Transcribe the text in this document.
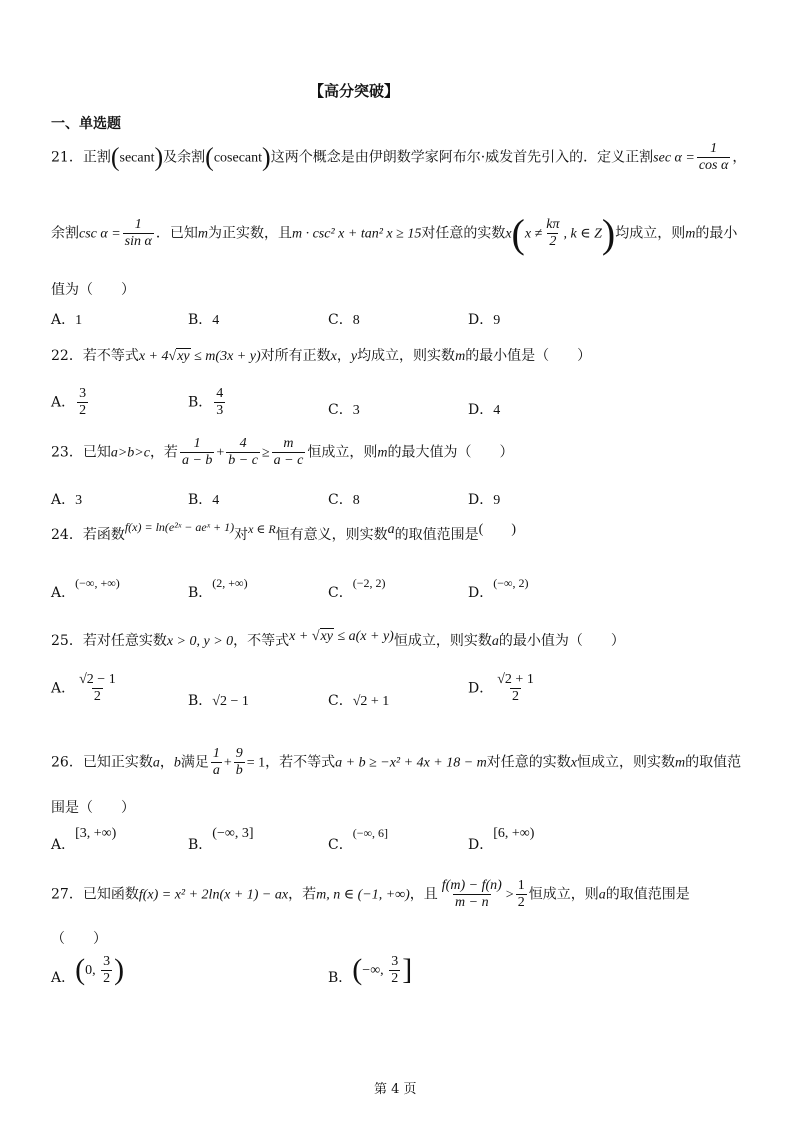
【高分突破】
一、单选题
21．正割(secant)及余割(cosecant)这两个概念是由伊朗数学家阿布尔·威发首先引入的．定义正割$\sec \alpha = \frac{1}{\text{cos α}}$ ，
余割$\csc \alpha = \frac{1}{\text{sin α}}$ ．已知m为正实数，且m · csc² x + tan² x ≥ 15对任意的实数$x(x \ne \frac{k\pi}{2}$ , k ∈ Z)均成立，则m的最小
值为（　　）
A．1	B．4	C．8	D．9
22．若不等式x + 4√xy ≤ m(3x + y)对所有正数x，y均成立，则实数m的最小值是（　　）
A． $\frac{3}{2}$	B． $\frac{4}{3}$	C．3	D．4
23．已知a>b>c，若 $\frac{1}{a - b} + \frac{4}{b - c} \ge \frac{m}{a - c}$ 恒成立，则m的最大值为（　　）
A．3	B．4	C．8	D．9
24．若函数f(x) = ln(e²ˣ − aeˣ + 1)对x ∈ R恒有意义，则实数a的取值范围是(　　)
A．(−∞, +∞)
B．(2, +∞)
C．(−2, 2)
D．(−∞, 2)
25．若对任意实数x > 0, y > 0，不等式x + √xy ≤ a(x + y)恒成立，则实数a的最小值为（　　）
A． $\frac{√2 - 1}{2}$	B．√2 − 1	C．√2 + 1
D． $\frac{√2 + 1}{2}$
26．已知正实数a，b满足 $\frac{1}{a} + \frac{9}{b} = 1$，若不等式a + b ≥ −x² + 4x + 18 − m对任意的实数x恒成立，则实数m的取值范
围是（　　）
A．[3, +∞)
B．(−∞, 3]
C．(−∞, 6]
D．[6, +∞)
27．已知函数f(x) = x² + 2ln(x + 1) − ax，若m, n ∈ (−1, +∞)，且 $\frac{f(m) - f(n)}{m - n} > \frac{1}{2}$ 恒成立，则a的取值范围是
（　　）
A．(0, $\frac{3}{2}$ )	B．(−∞, $\frac{3}{2}$ ]
第 4 页
